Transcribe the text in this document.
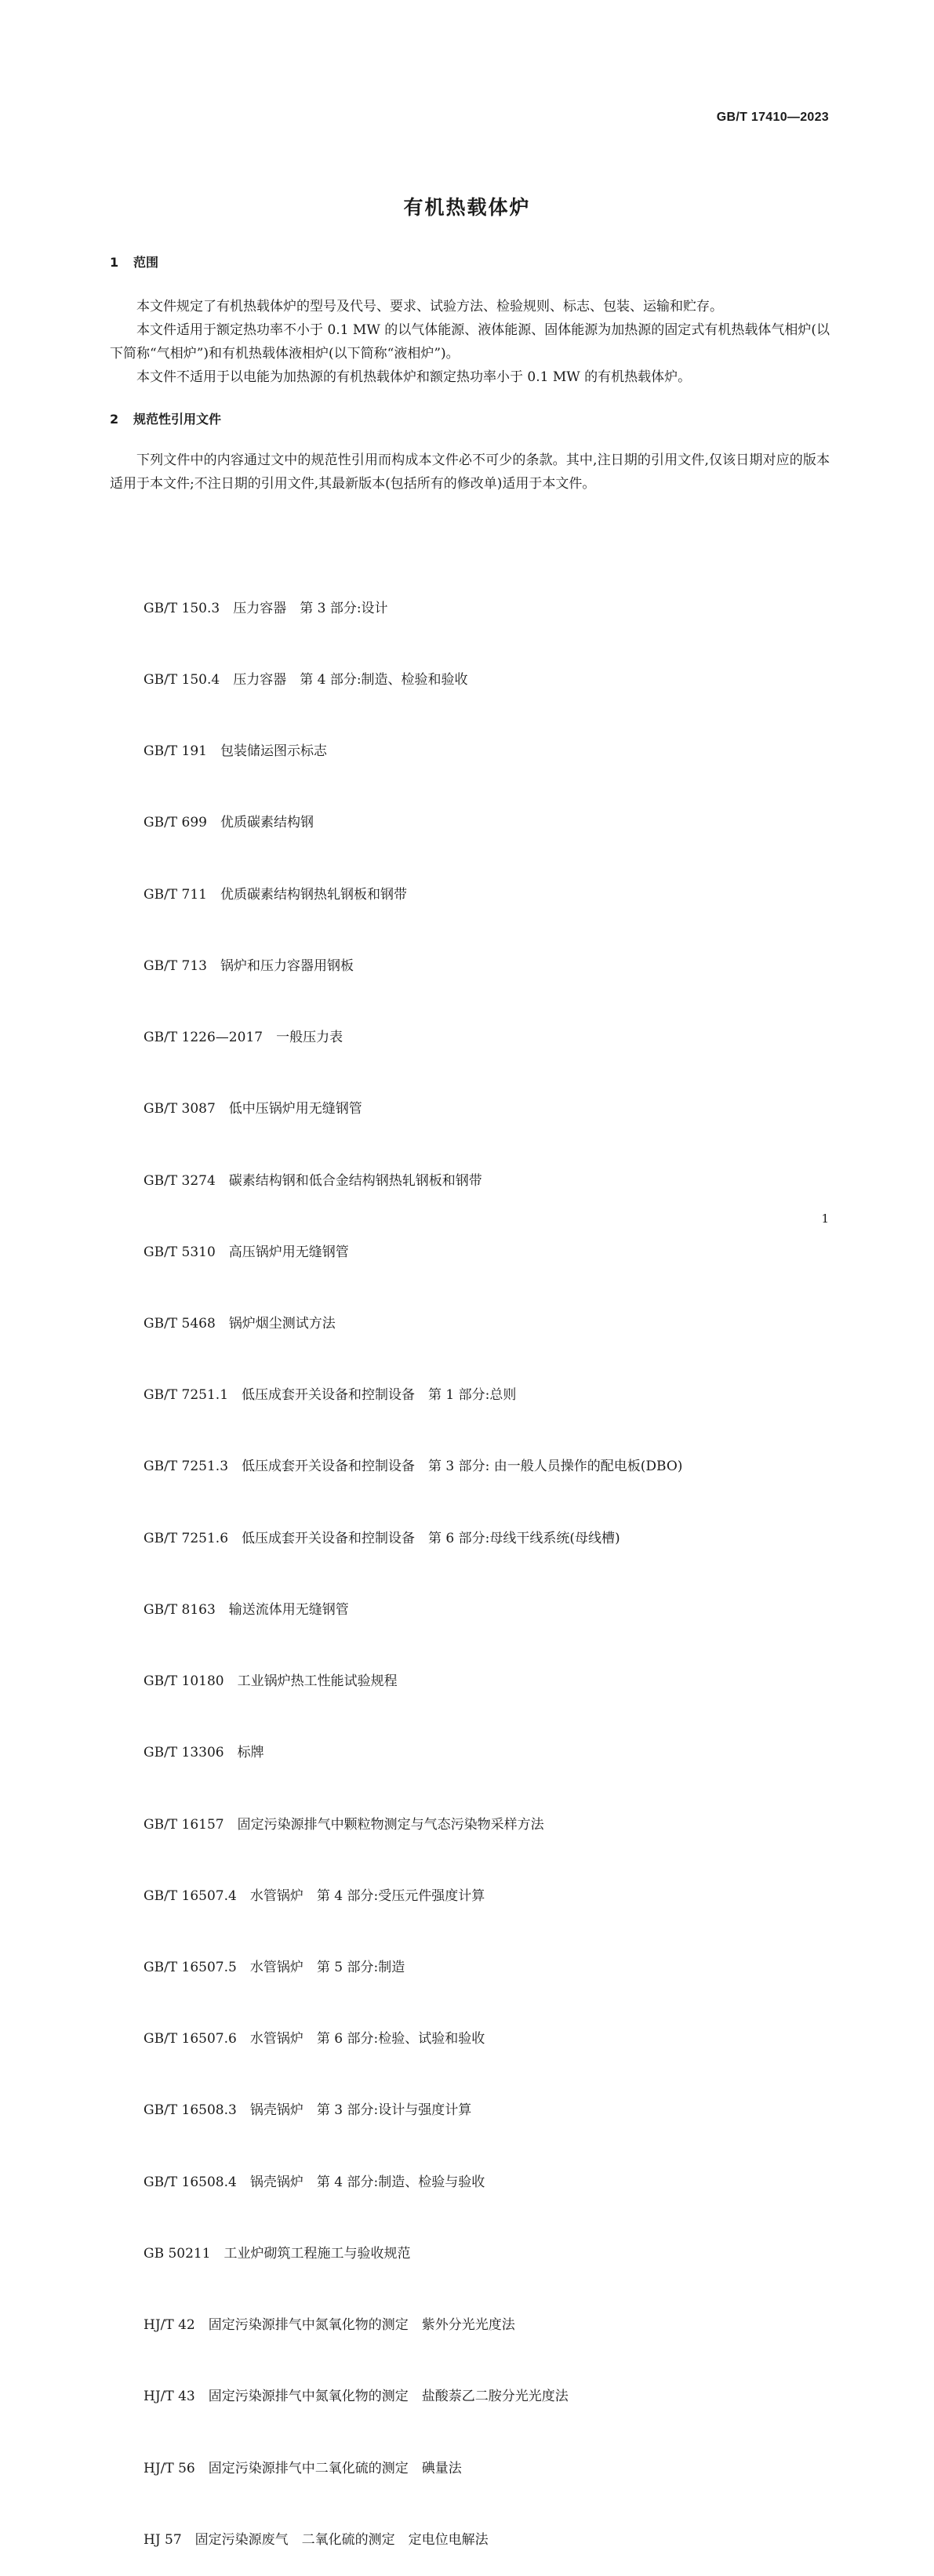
GB/T 17410—2023
有机热载体炉
1 范围

本文件规定了有机热载体炉的型号及代号、要求、试验方法、检验规则、标志、包装、运输和贮存。

本文件适用于额定热功率不小于 0.1 MW 的以气体能源、液体能源、固体能源为加热源的固定式有机热载体气相炉(以下简称“气相炉”)和有机热载体液相炉(以下简称“液相炉”)。

本文件不适用于以电能为加热源的有机热载体炉和额定热功率小于 0.1 MW 的有机热载体炉。

2 规范性引用文件

下列文件中的内容通过文中的规范性引用而构成本文件必不可少的条款。其中,注日期的引用文件,仅该日期对应的版本适用于本文件;不注日期的引用文件,其最新版本(包括所有的修改单)适用于本文件。

GB/T 150.3　压力容器　第 3 部分:设计

GB/T 150.4　压力容器　第 4 部分:制造、检验和验收

GB/T 191　包装储运图示标志

GB/T 699　优质碳素结构钢

GB/T 711　优质碳素结构钢热轧钢板和钢带

GB/T 713　锅炉和压力容器用钢板

GB/T 1226—2017　一般压力表

GB/T 3087　低中压锅炉用无缝钢管

GB/T 3274　碳素结构钢和低合金结构钢热轧钢板和钢带

GB/T 5310　高压锅炉用无缝钢管

GB/T 5468　锅炉烟尘测试方法

GB/T 7251.1　低压成套开关设备和控制设备　第 1 部分:总则

GB/T 7251.3　低压成套开关设备和控制设备　第 3 部分: 由一般人员操作的配电板(DBO)

GB/T 7251.6　低压成套开关设备和控制设备　第 6 部分:母线干线系统(母线槽)

GB/T 8163　输送流体用无缝钢管

GB/T 10180　工业锅炉热工性能试验规程

GB/T 13306　标牌

GB/T 16157　固定污染源排气中颗粒物测定与气态污染物采样方法

GB/T 16507.4　水管锅炉　第 4 部分:受压元件强度计算

GB/T 16507.5　水管锅炉　第 5 部分:制造

GB/T 16507.6　水管锅炉　第 6 部分:检验、试验和验收

GB/T 16508.3　锅壳锅炉　第 3 部分:设计与强度计算

GB/T 16508.4　锅壳锅炉　第 4 部分:制造、检验与验收

GB 50211　工业炉砌筑工程施工与验收规范

HJ/T 42　固定污染源排气中氮氧化物的测定　紫外分光光度法

HJ/T 43　固定污染源排气中氮氧化物的测定　盐酸萘乙二胺分光光度法

HJ/T 56　固定污染源排气中二氧化硫的测定　碘量法

HJ 57　固定污染源废气　二氧化硫的测定　定电位电解法

1
